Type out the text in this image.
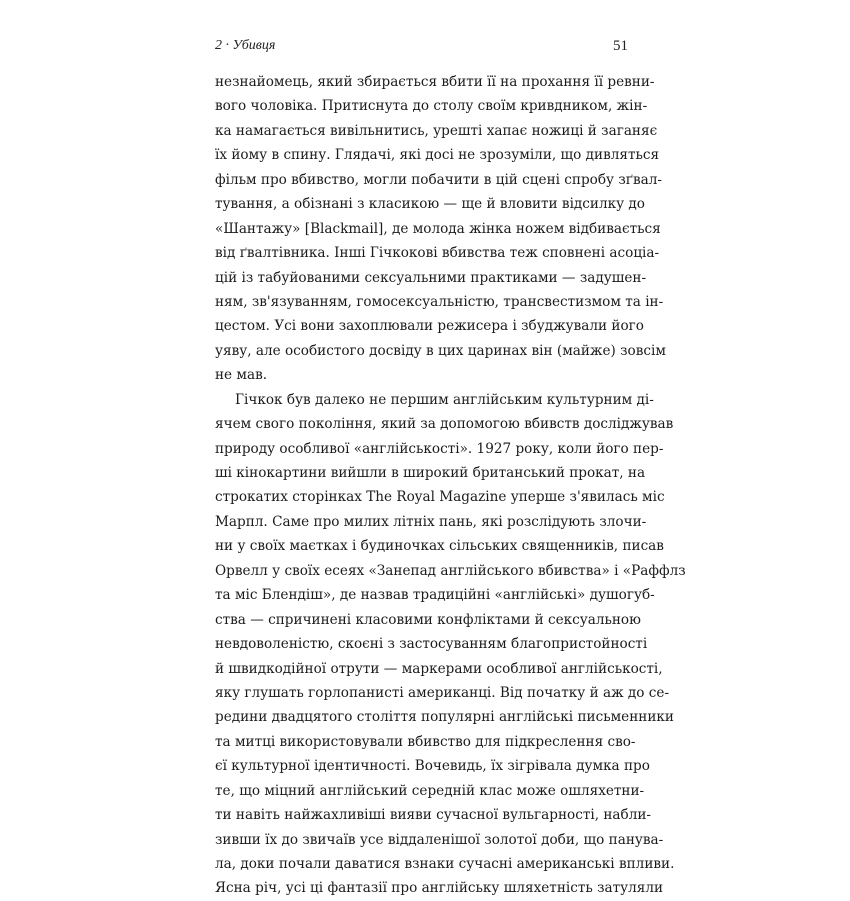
2 · Убивця	51
незнайомець, який збирається вбити її на прохання її ревни-
вого чоловіка. Притиснута до столу своїм кривдником, жін-
ка намагається вивільнитись, урешті хапає ножиці й заганяє
їх йому в спину. Глядачі, які досі не зрозуміли, що дивляться
фільм про вбивство, могли побачити в цій сцені спробу зґвал-
тування, а обізнані з класикою — ще й вловити відсилку до
«Шантажу» [Blackmail], де молода жінка ножем відбивається
від ґвалтівника. Інші Гічкокові вбивства теж сповнені асоціа-
цій із табуйованими сексуальними практиками — задушен-
ням, зв'язуванням, гомосексуальністю, трансвестизмом та ін-
цестом. Усі вони захоплювали режисера і збуджували його
уяву, але особистого досвіду в цих царинах він (майже) зовсім
не мав.
Гічкок був далеко не першим англійським культурним ді-
ячем свого покоління, який за допомогою вбивств досліджував
природу особливої «англійськості». 1927 року, коли його пер-
ші кінокартини вийшли в широкий британський прокат, на
строкатих сторінках The Royal Magazine уперше з'явилась міс
Марпл. Саме про милих літніх пань, які розслідують злочи-
ни у своїх маєтках і будиночках сільських священників, писав
Орвелл у своїх есеях «Занепад англійського вбивства» і «Раффлз
та міс Блендіш», де назвав традиційні «англійські» душогуб-
ства — спричинені класовими конфліктами й сексуальною
невдоволеністю, скоєні з застосуванням благопристойності
й швидкодійної отрути — маркерами особливої англійськості,
яку глушать горлопанисті американці. Від початку й аж до се-
редини двадцятого століття популярні англійські письменники
та митці використовували вбивство для підкреслення сво-
єї культурної ідентичності. Вочевидь, їх зігрівала думка про
те, що міцний англійський середній клас може ошляхетни-
ти навіть найжахливіші вияви сучасної вульгарності, набли-
зивши їх до звичаїв усе віддаленішої золотої доби, що панува-
ла, доки почали даватися взнаки сучасні американські впливи.
Ясна річ, усі ці фантазії про англійську шляхетність затуляли
